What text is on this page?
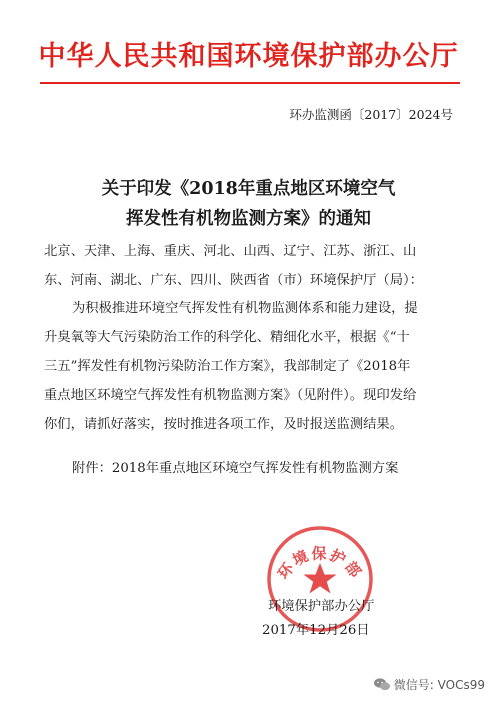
中华人民共和国环境保护部办公厅
环办监测函〔2017〕2024号
关于印发《2018年重点地区环境空气
挥发性有机物监测方案》的通知
北京、天津、上海、重庆、河北、山西、辽宁、江苏、浙江、山
东、河南、湖北、广东、四川、陕西省（市）环境保护厅（局）：
为积极推进环境空气挥发性有机物监测体系和能力建设，提
升臭氧等大气污染防治工作的科学化、精细化水平，根据《“十
三五”挥发性有机物污染防治工作方案》，我部制定了《2018年
重点地区环境空气挥发性有机物监测方案》（见附件）。现印发给
你们，请抓好落实，按时推进各项工作，及时报送监测结果。
附件：2018年重点地区环境空气挥发性有机物监测方案
环境保护部
环境保护部办公厅
2017年12月26日
微信号: VOCs99
